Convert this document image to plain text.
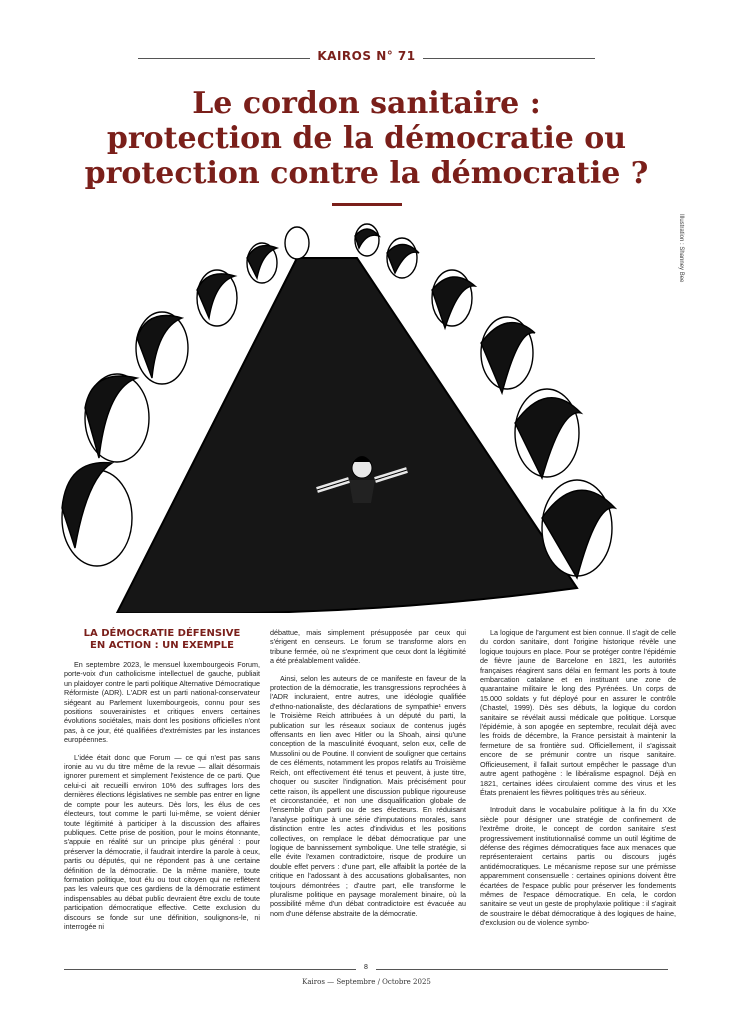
KAIROS N° 71
Le cordon sanitaire :
protection de la démocratie ou
protection contre la démocratie ?
Illustration : Shanney Bee

LA DÉMOCRATIE DÉFENSIVE
EN ACTION : UN EXEMPLE

En septembre 2023, le mensuel luxembourgeois Forum, porte-voix d'un catholicisme intellectuel de gauche, publiait un plaidoyer contre le parti politique Alternative Démocratique Réformiste (ADR). L'ADR est un parti national-conservateur siégeant au Parlement luxembourgeois, connu pour ses positions souverainistes et critiques envers certaines évolutions sociétales, mais dont les positions officielles n'ont pas, à ce jour, été qualifiées d'extrémistes par les instances européennes.

L'idée était donc que Forum — ce qui n'est pas sans ironie au vu du titre même de la revue — allait désormais ignorer purement et simplement l'existence de ce parti. Que celui-ci ait recueilli environ 10% des suffrages lors des dernières élections législatives ne semble pas entrer en ligne de compte pour les auteurs. Dès lors, les élus de ces électeurs, tout comme le parti lui-même, se voient dénier toute légitimité à participer à la discussion des affaires publiques. Cette prise de position, pour le moins étonnante, s'appuie en réalité sur un principe plus général : pour préserver la démocratie, il faudrait interdire la parole à ceux, partis ou députés, qui ne répondent pas à une certaine définition de la démocratie. De la même manière, toute formation politique, tout élu ou tout citoyen qui ne reflètent pas les valeurs que ces gardiens de la démocratie estiment indispensables au débat public devraient être exclu de toute participation démocratique effective. Cette exclusion du discours se fonde sur une définition, soulignons-le, ni interrogée ni

débattue, mais simplement présupposée par ceux qui s'érigent en censeurs. Le forum se transforme alors en tribune fermée, où ne s'expriment que ceux dont la légitimité a été préalablement validée.

Ainsi, selon les auteurs de ce manifeste en faveur de la protection de la démocratie, les transgressions reprochées à l'ADR incluraient, entre autres, une idéologie qualifiée d'ethno-nationaliste, des déclarations de sympathie¹ envers le Troisième Reich attribuées à un député du parti, la publication sur les réseaux sociaux de contenus jugés offensants en lien avec Hitler ou la Shoah, ainsi qu'une conception de la masculinité évoquant, selon eux, celle de Mussolini ou de Poutine. Il convient de souligner que certains de ces éléments, notamment les propos relatifs au Troisième Reich, ont effectivement été tenus et peuvent, à juste titre, choquer ou susciter l'indignation. Mais précisément pour cette raison, ils appellent une discussion publique rigoureuse et circonstanciée, et non une disqualification globale de l'ensemble d'un parti ou de ses électeurs. En réduisant l'analyse politique à une série d'imputations morales, sans distinction entre les actes d'individus et les positions collectives, on remplace le débat démocratique par une logique de bannissement symbolique. Une telle stratégie, si elle évite l'examen contradictoire, risque de produire un double effet pervers : d'une part, elle affaiblit la portée de la critique en l'adossant à des accusations globalisantes, non toujours démontrées ; d'autre part, elle transforme le pluralisme politique en paysage moralement binaire, où la possibilité même d'un débat contradictoire est évacuée au nom d'une défense abstraite de la démocratie.

La logique de l'argument est bien connue. Il s'agit de celle du cordon sanitaire, dont l'origine historique révèle une logique toujours en place. Pour se protéger contre l'épidémie de fièvre jaune de Barcelone en 1821, les autorités françaises réagirent sans délai en fermant les ports à toute embarcation catalane et en instituant une zone de quarantaine militaire le long des Pyrénées. Un corps de 15.000 soldats y fut déployé pour en assurer le contrôle (Chastel, 1999). Dès ses débuts, la logique du cordon sanitaire se révélait aussi médicale que politique. Lorsque l'épidémie, à son apogée en septembre, reculait déjà avec les froids de décembre, la France persistait à maintenir la fermeture de sa frontière sud. Officiellement, il s'agissait encore de se prémunir contre un risque sanitaire. Officieusement, il fallait surtout empêcher le passage d'un autre agent pathogène : le libéralisme espagnol. Déjà en 1821, certaines idées circulaient comme des virus et les États prenaient les fièvres politiques très au sérieux.

Introduit dans le vocabulaire politique à la fin du XXe siècle pour désigner une stratégie de confinement de l'extrême droite, le concept de cordon sanitaire s'est progressivement institutionnalisé comme un outil légitime de défense des régimes démocratiques face aux menaces que représenteraient certains partis ou discours jugés antidémocratiques. Le mécanisme repose sur une prémisse apparemment consensuelle : certaines opinions doivent être écartées de l'espace public pour préserver les fondements mêmes de l'espace démocratique. En cela, le cordon sanitaire se veut un geste de prophylaxie politique : il s'agirait de soustraire le débat démocratique à des logiques de haine, d'exclusion ou de violence symbo-

8
Kairos — Septembre / Octobre 2025
